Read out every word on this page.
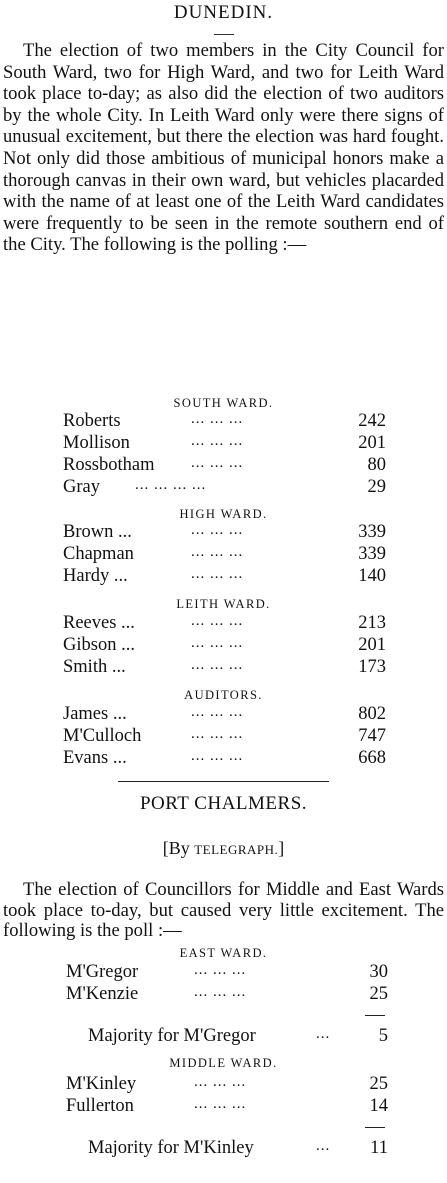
DUNEDIN.

The election of two members in the City Council for South Ward, two for High Ward, and two for Leith Ward took place to-day; as also did the election of two auditors by the whole City. In Leith Ward only were there signs of unusual excitement, but there the election was hard fought. Not only did those ambitious of municipal honors make a thorough canvas in their own ward, but vehicles placarded with the name of at least one of the Leith Ward candidates were frequently to be seen in the remote southern end of the City. The following is the polling :—

SOUTH WARD.
Roberts	... ... ...	242
Mollison	... ... ...	201
Rossbotham ... ... ...	80
Gray ... ... ... ...	29
HIGH WARD.
Brown ...	... ... ...	339
Chapman	... ... ...	339
Hardy ...	... ... ...	140
LEITH WARD.
Reeves ...	... ... ...	213
Gibson ...	... ... ...	201
Smith ...	... ... ...	173
AUDITORS.
James ...	... ... ...	802
M'Culloch	... ... ...	747
Evans ...	... ... ...	668
PORT CHALMERS.
[By TELEGRAPH.]

The election of Councillors for Middle and East Wards took place to-day, but caused very little excitement. The following is the poll :—

EAST WARD.
M'Gregor	... ... ...	30
M'Kenzie	... ... ...	25
Majority for M'Gregor	...	5
MIDDLE WARD.
M'Kinley	... ... ...	25
Fullerton	... ... ...	14
Majority for M'Kinley	... 11
